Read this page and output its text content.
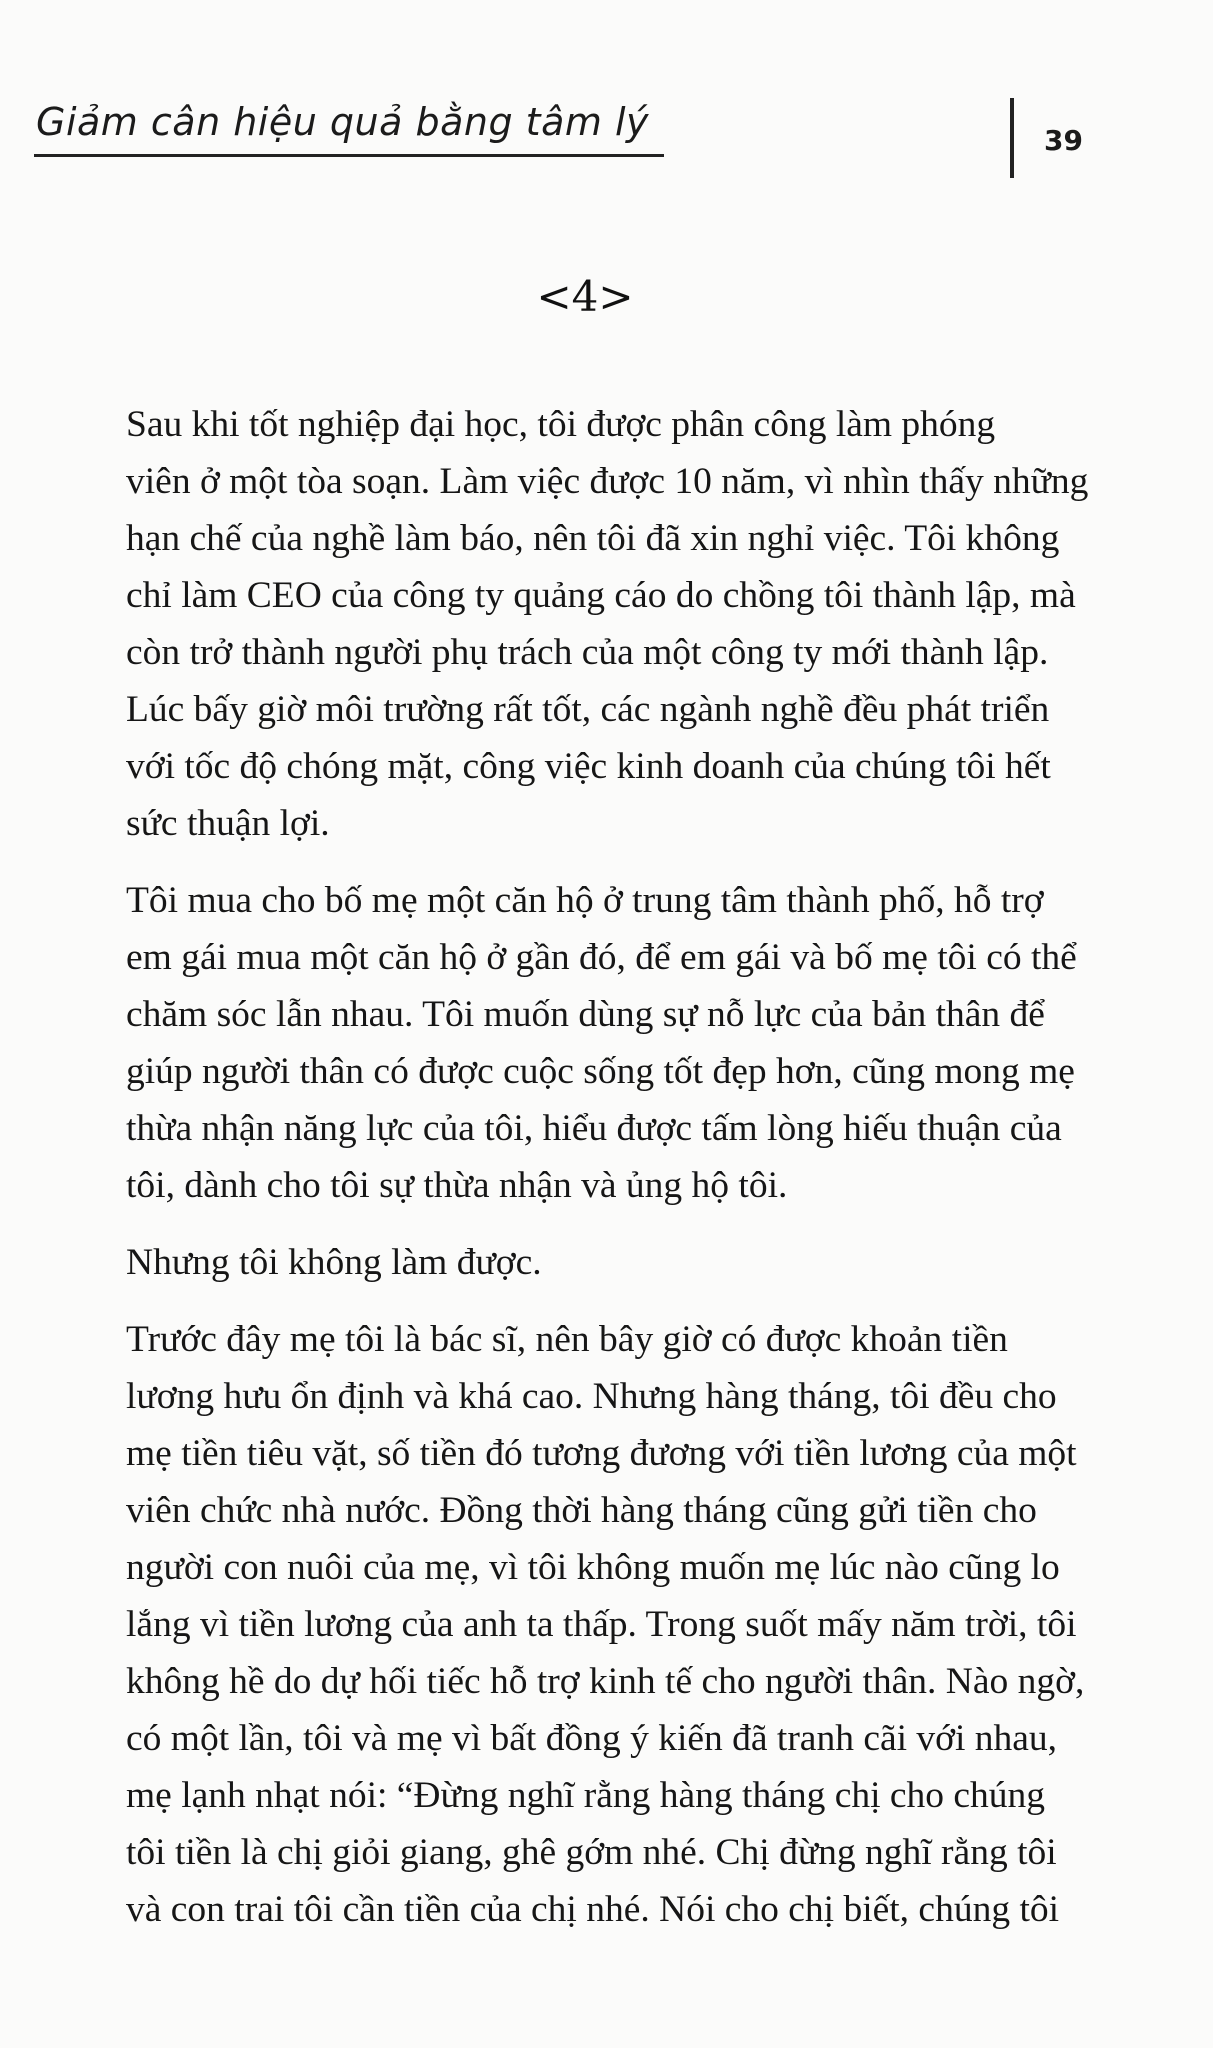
Giảm cân hiệu quả bằng tâm lý	39
<4>

Sau khi tốt nghiệp đại học, tôi được phân công làm phóng
viên ở một tòa soạn. Làm việc được 10 năm, vì nhìn thấy những
hạn chế của nghề làm báo, nên tôi đã xin nghỉ việc. Tôi không
chỉ làm CEO của công ty quảng cáo do chồng tôi thành lập, mà
còn trở thành người phụ trách của một công ty mới thành lập.
Lúc bấy giờ môi trường rất tốt, các ngành nghề đều phát triển
với tốc độ chóng mặt, công việc kinh doanh của chúng tôi hết
sức thuận lợi.

Tôi mua cho bố mẹ một căn hộ ở trung tâm thành phố, hỗ trợ
em gái mua một căn hộ ở gần đó, để em gái và bố mẹ tôi có thể
chăm sóc lẫn nhau. Tôi muốn dùng sự nỗ lực của bản thân để
giúp người thân có được cuộc sống tốt đẹp hơn, cũng mong mẹ
thừa nhận năng lực của tôi, hiểu được tấm lòng hiếu thuận của
tôi, dành cho tôi sự thừa nhận và ủng hộ tôi.

Nhưng tôi không làm được.

Trước đây mẹ tôi là bác sĩ, nên bây giờ có được khoản tiền
lương hưu ổn định và khá cao. Nhưng hàng tháng, tôi đều cho
mẹ tiền tiêu vặt, số tiền đó tương đương với tiền lương của một
viên chức nhà nước. Đồng thời hàng tháng cũng gửi tiền cho
người con nuôi của mẹ, vì tôi không muốn mẹ lúc nào cũng lo
lắng vì tiền lương của anh ta thấp. Trong suốt mấy năm trời, tôi
không hề do dự hối tiếc hỗ trợ kinh tế cho người thân. Nào ngờ,
có một lần, tôi và mẹ vì bất đồng ý kiến đã tranh cãi với nhau,
mẹ lạnh nhạt nói: “Đừng nghĩ rằng hàng tháng chị cho chúng
tôi tiền là chị giỏi giang, ghê gớm nhé. Chị đừng nghĩ rằng tôi
và con trai tôi cần tiền của chị nhé. Nói cho chị biết, chúng tôi
